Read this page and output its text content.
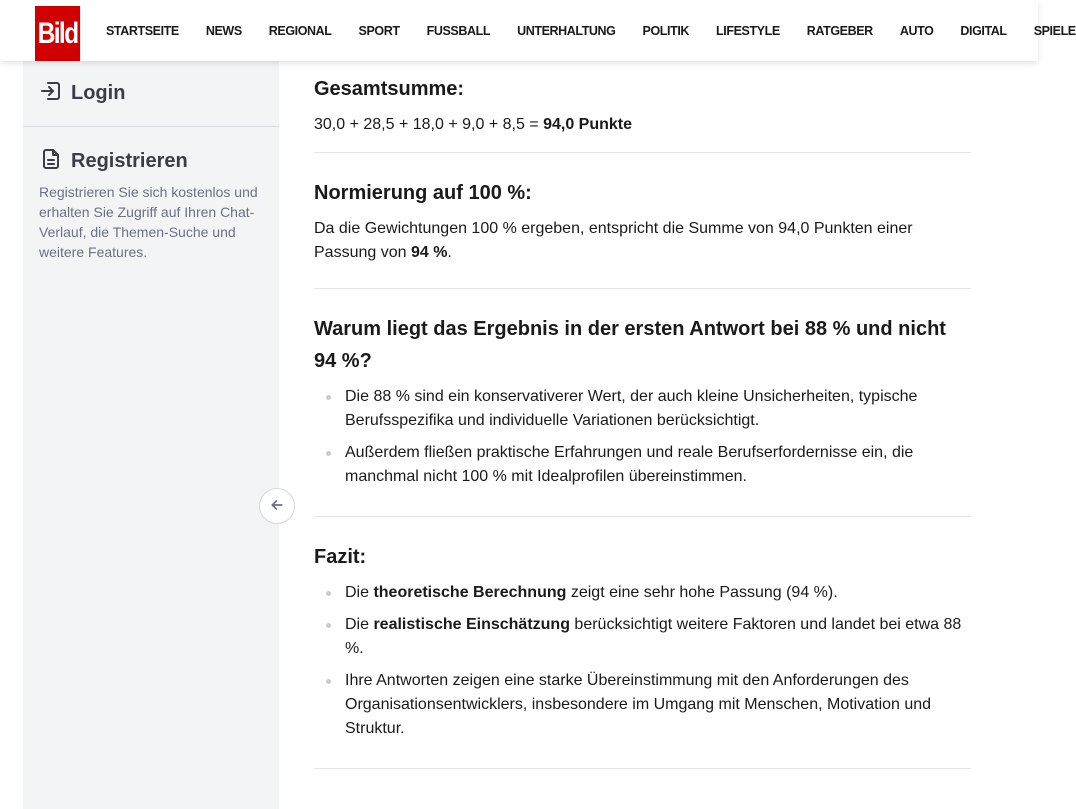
Bild STARTSEITE NEWS REGIONAL SPORT FUSSBALL UNTERHALTUNG POLITIK LIFESTYLE RATGEBER AUTO DIGITAL SPIELE
Login
Registrieren

Registrieren Sie sich kostenlos und erhalten Sie Zugriff auf Ihren Chat-Verlauf, die Themen-Suche und weitere Features.

Gesamtsumme:

30,0 + 28,5 + 18,0 + 9,0 + 8,5 = 94,0 Punkte

Normierung auf 100 %:

Da die Gewichtungen 100 % ergeben, entspricht die Summe von 94,0 Punkten einer Passung von 94 %.

Warum liegt das Ergebnis in der ersten Antwort bei 88 % und nicht 94 %?
Die 88 % sind ein konservativerer Wert, der auch kleine Unsicherheiten, typische Berufsspezifika und individuelle Variationen berücksichtigt.
Außerdem fließen praktische Erfahrungen und reale Berufserfordernisse ein, die manchmal nicht 100 % mit Idealprofilen übereinstimmen.
Fazit:
Die theoretische Berechnung zeigt eine sehr hohe Passung (94 %).
Die realistische Einschätzung berücksichtigt weitere Faktoren und landet bei etwa 88 %.
Ihre Antworten zeigen eine starke Übereinstimmung mit den Anforderungen des Organisationsentwicklers, insbesondere im Umgang mit Menschen, Motivation und Struktur.
